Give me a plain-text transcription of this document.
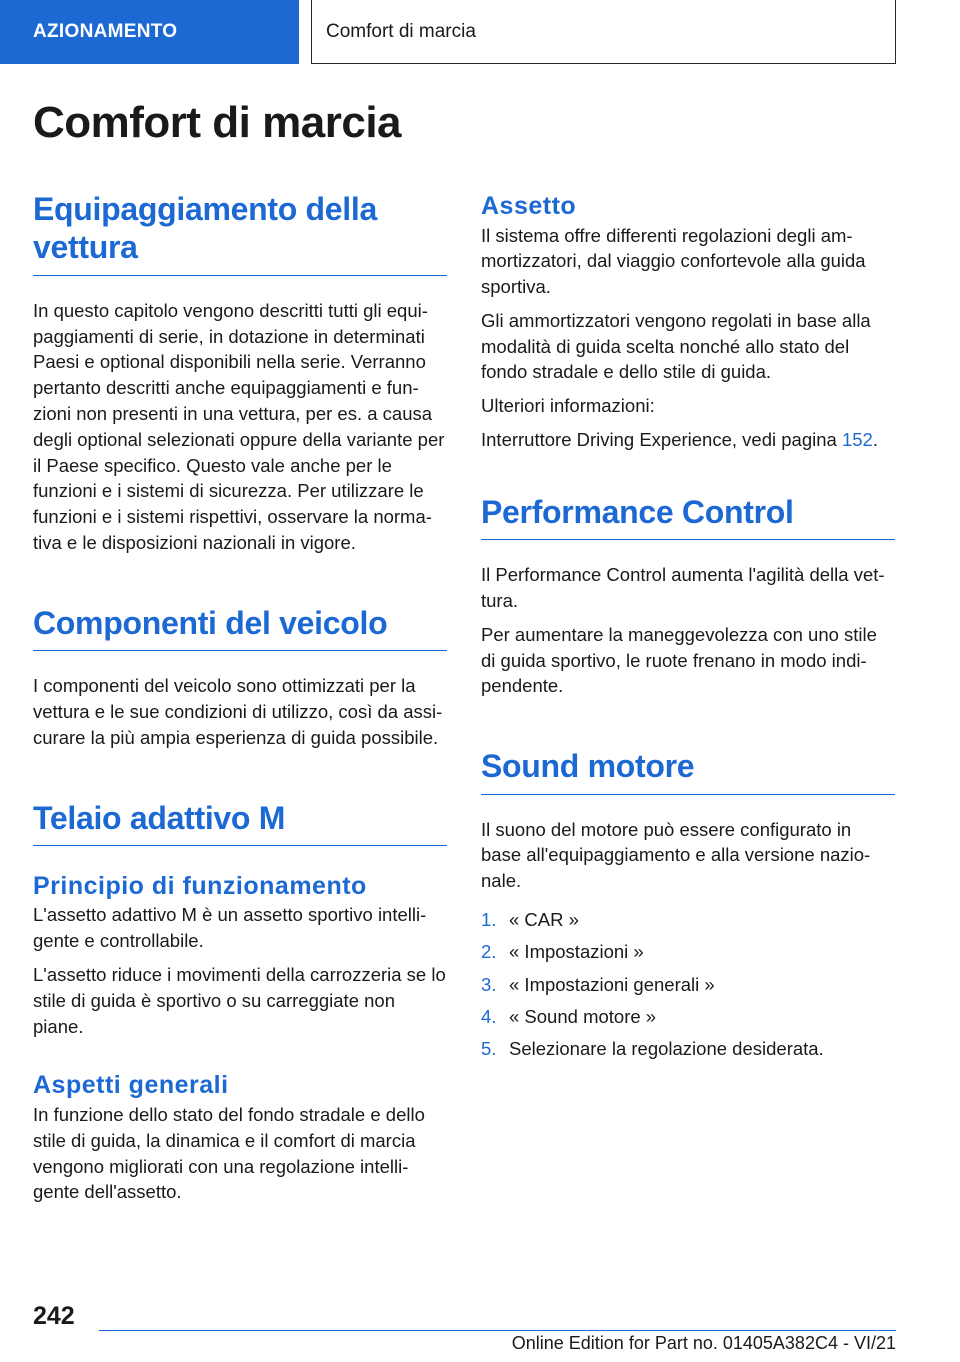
AZIONAMENTO	Comfort di marcia
Comfort di marcia
Equipaggiamento della vettura

In questo capitolo vengono descritti tutti gli equi-paggiamenti di serie, in dotazione in determinati Paesi e optional disponibili nella serie. Verranno pertanto descritti anche equipaggiamenti e fun-zioni non presenti in una vettura, per es. a causa degli optional selezionati oppure della variante per il Paese specifico. Questo vale anche per le funzioni e i sistemi di sicurezza. Per utilizzare le funzioni e i sistemi rispettivi, osservare la norma-tiva e le disposizioni nazionali in vigore.

Componenti del veicolo

I componenti del veicolo sono ottimizzati per la vettura e le sue condizioni di utilizzo, così da assi-curare la più ampia esperienza di guida possibile.

Telaio adattivo M
Principio di funzionamento

L'assetto adattivo M è un assetto sportivo intelli-gente e controllabile.

L'assetto riduce i movimenti della carrozzeria se lo stile di guida è sportivo o su carreggiate non piane.

Aspetti generali

In funzione dello stato del fondo stradale e dello stile di guida, la dinamica e il comfort di marcia vengono migliorati con una regolazione intelli-gente dell'assetto.

Assetto

Il sistema offre differenti regolazioni degli am-mortizzatori, dal viaggio confortevole alla guida sportiva.

Gli ammortizzatori vengono regolati in base alla modalità di guida scelta nonché allo stato del fondo stradale e dello stile di guida.

Ulteriori informazioni:

Interruttore Driving Experience, vedi pagina 152.

Performance Control

Il Performance Control aumenta l'agilità della vet-tura.

Per aumentare la maneggevolezza con uno stile di guida sportivo, le ruote frenano in modo indi-pendente.

Sound motore

Il suono del motore può essere configurato in base all'equipaggiamento e alla versione nazio-nale.

1. « CAR »
2. « Impostazioni »
3. « Impostazioni generali »
4. « Sound motore »
5. Selezionare la regolazione desiderata.
242
Online Edition for Part no. 01405A382C4 - VI/21
